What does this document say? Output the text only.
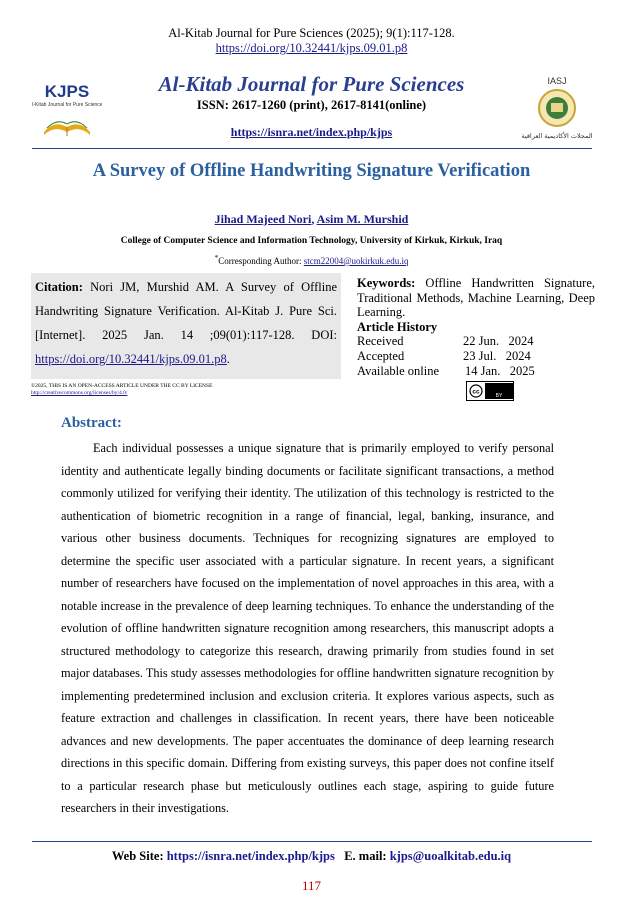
Al-Kitab Journal for Pure Sciences (2025); 9(1):117-128.
https://doi.org/10.32441/kjps.09.01.p8
KJPS
Al-Kitab Journal for Pure Sciences
IASJ
المجلات الأكاديمية العراقية
Al-Kitab Journal for Pure Sciences
ISSN: 2617-1260 (print), 2617-8141(online)
https://isnra.net/index.php/kjps
A Survey of Offline Handwriting Signature Verification
Jihad Majeed Nori, Asim M. Murshid
College of Computer Science and Information Technology, University of Kirkuk, Kirkuk, Iraq
*Corresponding Author: stcm22004@uokirkuk.edu.iq
Citation: Nori JM, Murshid AM. A Survey of Offline Handwriting Signature Verification. Al-Kitab J. Pure Sci. [Internet]. 2025 Jan. 14 ;09(01):117-128. DOI: https://doi.org/10.32441/kjps.09.01.p8.
Keywords: Offline Handwritten Signature, Traditional Methods, Machine Learning, Deep Learning.
Article History
Received	22 Jun.   2024
Accepted	23 Jul.   2024
Available online	14 Jan.   2025
©2025, THIS IS AN OPEN-ACCESS ARTICLE UNDER THE CC BY LICENSE
http://creativecommons.org/licenses/by/4.0/	cc
BY
Abstract:
Each individual possesses a unique signature that is primarily employed to verify personal identity and authenticate legally binding documents or facilitate significant transactions, a method commonly utilized for verifying their identity. The utilization of this technology is restricted to the authentication of biometric recognition in a range of financial, legal, banking, insurance, and various other business documents. Techniques for recognizing signatures are employed to determine the specific user associated with a particular signature. In recent years, a significant number of researchers have focused on the implementation of novel approaches in this area, with a notable increase in the prevalence of deep learning techniques. To enhance the understanding of the evolution of offline handwritten signature recognition among researchers, this manuscript adopts a structured methodology to categorize this research, drawing primarily from studies found in set major databases. This study assesses methodologies for offline handwritten signature recognition by implementing predetermined inclusion and exclusion criteria. It explores various aspects, such as feature extraction and challenges in classification. In recent years, there have been noticeable advances and new developments. The paper accentuates the dominance of deep learning research directions in this specific domain. Differing from existing surveys, this paper does not confine itself to a particular research phase but meticulously outlines each stage, aspiring to guide future researchers in their investigations.
Web Site: https://isnra.net/index.php/kjps E. mail: kjps@uoalkitab.edu.iq
117
